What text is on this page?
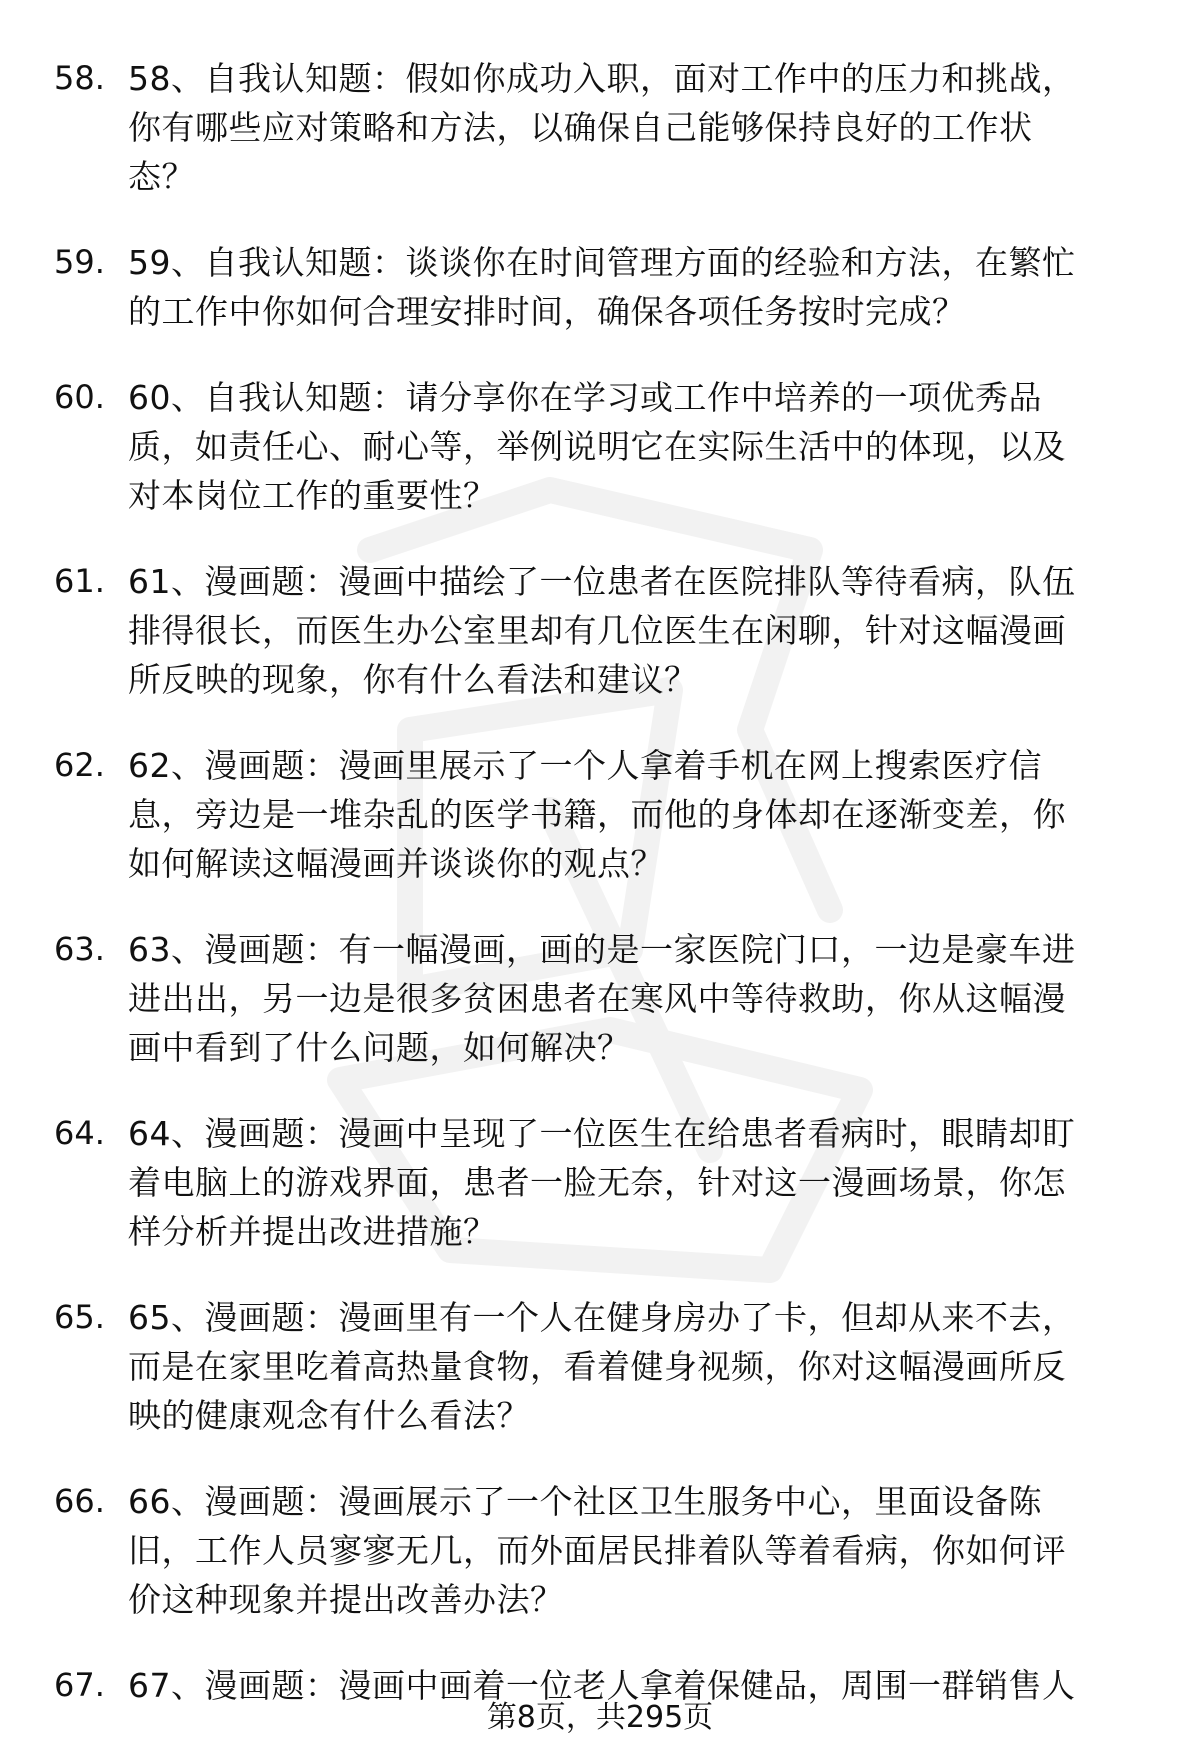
58. 58、自我认知题：假如你成功入职，面对工作中的压力和挑战，
你有哪些应对策略和方法，以确保自己能够保持良好的工作状
态？
59. 59、自我认知题：谈谈你在时间管理方面的经验和方法，在繁忙
的工作中你如何合理安排时间，确保各项任务按时完成？
60. 60、自我认知题：请分享你在学习或工作中培养的一项优秀品
质，如责任心、耐心等，举例说明它在实际生活中的体现，以及
对本岗位工作的重要性？
61. 61、漫画题：漫画中描绘了一位患者在医院排队等待看病，队伍
排得很长，而医生办公室里却有几位医生在闲聊，针对这幅漫画
所反映的现象，你有什么看法和建议？
62. 62、漫画题：漫画里展示了一个人拿着手机在网上搜索医疗信
息，旁边是一堆杂乱的医学书籍，而他的身体却在逐渐变差，你
如何解读这幅漫画并谈谈你的观点？
63. 63、漫画题：有一幅漫画，画的是一家医院门口，一边是豪车进
进出出，另一边是很多贫困患者在寒风中等待救助，你从这幅漫
画中看到了什么问题，如何解决？
64. 64、漫画题：漫画中呈现了一位医生在给患者看病时，眼睛却盯
着电脑上的游戏界面，患者一脸无奈，针对这一漫画场景，你怎
样分析并提出改进措施？
65. 65、漫画题：漫画里有一个人在健身房办了卡，但却从来不去，
而是在家里吃着高热量食物，看着健身视频，你对这幅漫画所反
映的健康观念有什么看法？
66. 66、漫画题：漫画展示了一个社区卫生服务中心，里面设备陈
旧，工作人员寥寥无几，而外面居民排着队等着看病，你如何评
价这种现象并提出改善办法？
67. 67、漫画题：漫画中画着一位老人拿着保健品，周围一群销售人
第8页，共295页
